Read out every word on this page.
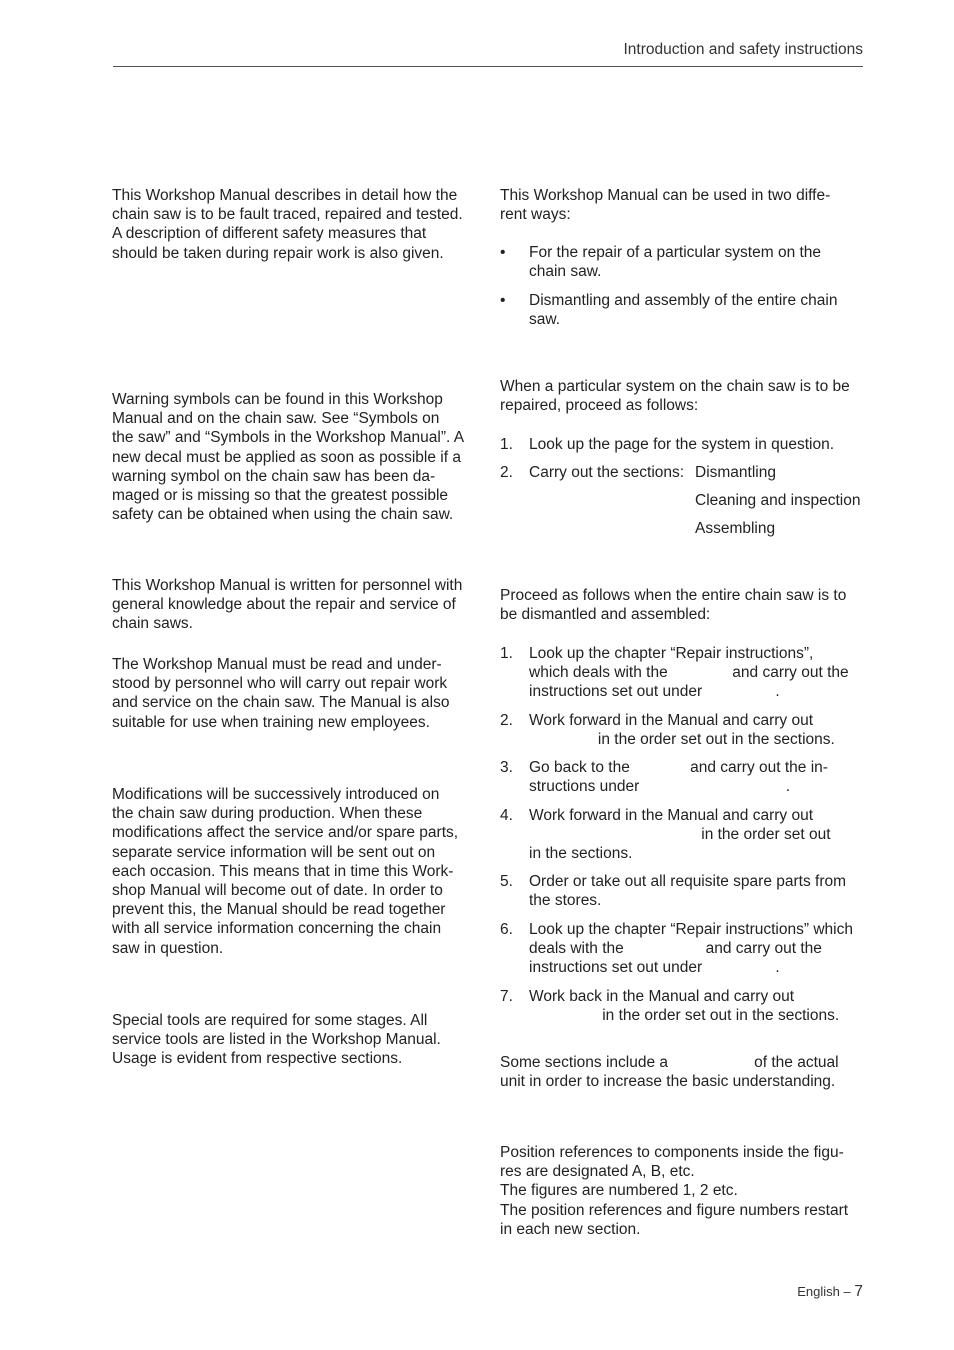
Introduction and safety instructions
This Workshop Manual describes in detail how the
chain saw is to be fault traced, repaired and tested.
A description of different safety measures that
should be taken during repair work is also given.
Warning symbols can be found in this Workshop
Manual and on the chain saw. See “Symbols on
the saw” and “Symbols in the Workshop Manual”. A
new decal must be applied as soon as possible if a
warning symbol on the chain saw has been da-
maged or is missing so that the greatest possible
safety can be obtained when using the chain saw.
This Workshop Manual is written for personnel with
general knowledge about the repair and service of
chain saws.
The Workshop Manual must be read and under-
stood by personnel who will carry out repair work
and service on the chain saw. The Manual is also
suitable for use when training new employees.
Modifications will be successively introduced on
the chain saw during production. When these
modifications affect the service and/or spare parts,
separate service information will be sent out on
each occasion. This means that in time this Work-
shop Manual will become out of date. In order to
prevent this, the Manual should be read together
with all service information concerning the chain
saw in question.
Special tools are required for some stages. All
service tools are listed in the Workshop Manual.
Usage is evident from respective sections.
This Workshop Manual can be used in two diffe-
rent ways:
• For the repair of a particular system on the
chain saw.
• Dismantling and assembly of the entire chain
saw.
When a particular system on the chain saw is to be
repaired, proceed as follows:
1. Look up the page for the system in question.
2. Carry out the sections: Dismantling
Cleaning and inspection
Assembling
Proceed as follows when the entire chain saw is to
be dismantled and assembled:
1. Look up the chapter “Repair instructions”,
which deals with the               and carry out the
instructions set out under                 .
2. Work forward in the Manual and carry out
in the order set out in the sections.
3. Go back to the              and carry out the in-
structions under                                  .
4. Work forward in the Manual and carry out
in the order set out
in the sections.
5. Order or take out all requisite spare parts from
the stores.
6. Look up the chapter “Repair instructions” which
deals with the                   and carry out the
instructions set out under                 .
7. Work back in the Manual and carry out
in the order set out in the sections.
Some sections include a                    of the actual
unit in order to increase the basic understanding.
Position references to components inside the figu-
res are designated A, B, etc.
The figures are numbered 1, 2 etc.
The position references and figure numbers restart
in each new section.
English – 7
